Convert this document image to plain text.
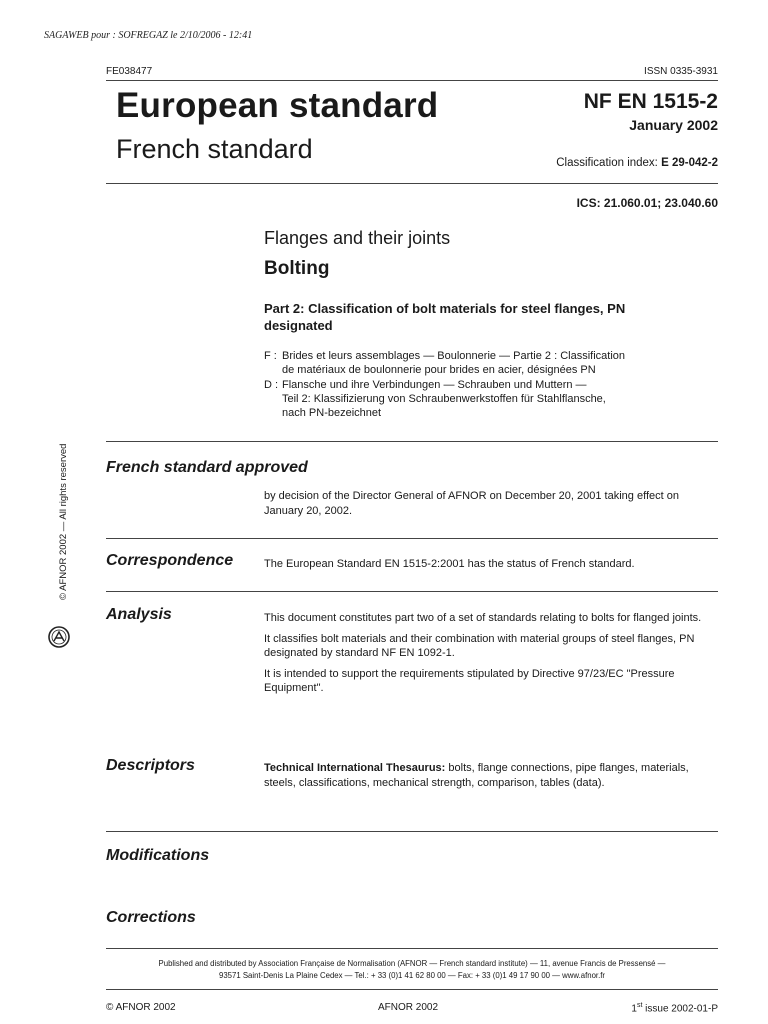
SAGAWEB pour : SOFREGAZ le 2/10/2006 - 12:41
FE038477	ISSN 0335-3931
European standard
French standard
NF EN 1515-2
January 2002
Classification index: E 29-042-2
ICS: 21.060.01; 23.040.60
Flanges and their joints
Bolting
Part 2: Classification of bolt materials for steel flanges, PN designated
F : Brides et leurs assemblages — Boulonnerie — Partie 2 : Classification
de matériaux de boulonnerie pour brides en acier, désignées PN
D : Flansche und ihre Verbindungen — Schrauben und Muttern —
Teil 2: Klassifizierung von Schraubenwerkstoffen für Stahlflansche,
nach PN-bezeichnet
French standard approved
by decision of the Director General of AFNOR on December 20, 2001 taking effect on January 20, 2002.
Correspondence	The European Standard EN 1515-2:2001 has the status of French standard.
Analysis	This document constitutes part two of a set of standards relating to bolts for flanged joints.

It classifies bolt materials and their combination with material groups of steel flanges, PN designated by standard NF EN 1092-1.

It is intended to support the requirements stipulated by Directive 97/23/EC "Pressure Equipment".

Descriptors	Technical International Thesaurus: bolts, flange connections, pipe flanges, materials, steels, classifications, mechanical strength, comparison, tables (data).
Modifications
Corrections
© AFNOR 2002 — All rights reserved
Published and distributed by Association Française de Normalisation (AFNOR — French standard institute) — 11, avenue Francis de Pressensé —
93571 Saint-Denis La Plaine Cedex — Tel.: + 33 (0)1 41 62 80 00 — Fax: + 33 (0)1 49 17 90 00 — www.afnor.fr
© AFNOR 2002	AFNOR 2002	1st issue 2002-01-P
